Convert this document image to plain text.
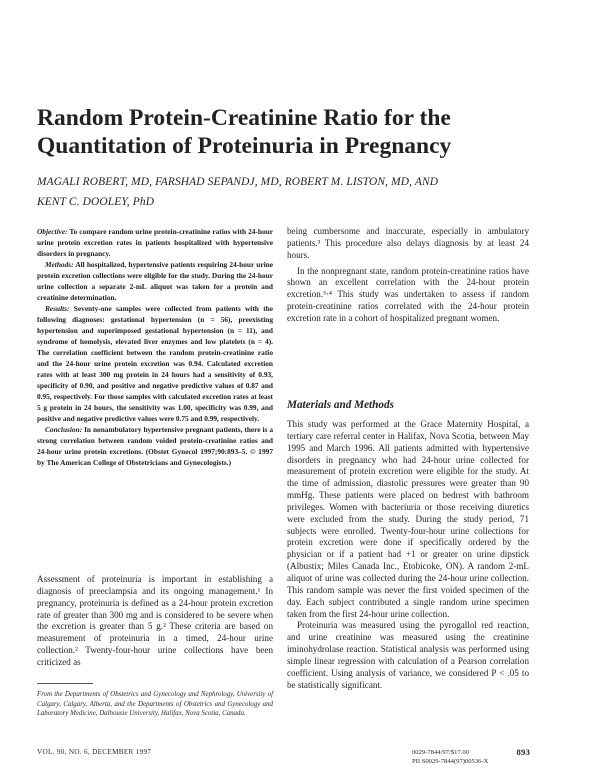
Random Protein-Creatinine Ratio for the Quantitation of Proteinuria in Pregnancy
MAGALI ROBERT, MD, FARSHAD SEPANDJ, MD, ROBERT M. LISTON, MD, AND
KENT C. DOOLEY, PhD

Objective: To compare random urine protein-creatinine ratios with 24-hour urine protein excretion rates in patients hospitalized with hypertensive disorders in pregnancy.

Methods: All hospitalized, hypertensive patients requiring 24-hour urine protein excretion collections were eligible for the study. During the 24-hour urine collection a separate 2-mL aliquot was taken for a protein and creatinine determination.

Results: Seventy-one samples were collected from patients with the following diagnoses: gestational hypertension (n = 56), preexisting hypertension and superimposed gestational hypertension (n = 11), and syndrome of hemolysis, elevated liver enzymes and low platelets (n = 4). The correlation coefficient between the random protein-creatinine ratio and the 24-hour urine protein excretion was 0.94. Calculated excretion rates with at least 300 mg protein in 24 hours had a sensitivity of 0.93, specificity of 0.90, and positive and negative predictive values of 0.87 and 0.95, respectively. For those samples with calculated excretion rates at least 5 g protein in 24 hours, the sensitivity was 1.00, specificity was 0.99, and positive and negative predictive values were 0.75 and 0.99, respectively.

Conclusion: In nonambulatory hypertensive pregnant patients, there is a strong correlation between random voided protein-creatinine ratios and 24-hour urine protein excretions. (Obstet Gynecol 1997;90:893–5. © 1997 by The American College of Obstetricians and Gynecologists.)

Assessment of proteinuria is important in establishing a diagnosis of preeclampsia and its ongoing management.¹ In pregnancy, proteinuria is defined as a 24-hour protein excretion rate of greater than 300 mg and is considered to be severe when the excretion is greater than 5 g.² These criteria are based on measurement of proteinuria in a timed, 24-hour urine collection.² Twenty-four-hour urine collections have been criticized as

being cumbersome and inaccurate, especially in ambulatory patients.³ This procedure also delays diagnosis by at least 24 hours.

In the nonpregnant state, random protein-creatinine ratios have shown an excellent correlation with the 24-hour protein excretion.³·⁴ This study was undertaken to assess if random protein-creatinine ratios correlated with the 24-hour protein excretion rate in a cohort of hospitalized pregnant women.

Materials and Methods

This study was performed at the Grace Maternity Hospital, a tertiary care referral center in Halifax, Nova Scotia, between May 1995 and March 1996. All patients admitted with hypertensive disorders in pregnancy who had 24-hour urine collected for measurement of protein excretion were eligible for the study. At the time of admission, diastolic pressures were greater than 90 mmHg. These patients were placed on bedrest with bathroom privileges. Women with bacteriuria or those receiving diuretics were excluded from the study. During the study period, 71 subjects were enrolled. Twenty-four-hour urine collections for protein excretion were done if specifically ordered by the physician or if a patient had +1 or greater on urine dipstick (Albustix; Miles Canada Inc., Etobicoke, ON). A random 2-mL aliquot of urine was collected during the 24-hour urine collection. This random sample was never the first voided specimen of the day. Each subject contributed a single random urine specimen taken from the first 24-hour urine collection.

Proteinuria was measured using the pyrogallol red reaction, and urine creatinine was measured using the creatinine iminohydrolase reaction. Statistical analysis was performed using simple linear regression with calculation of a Pearson correlation coefficient. Using analysis of variance, we considered P < .05 to be statistically significant.

From the Departments of Obstetrics and Gynecology and Nephrology, University of Calgary, Calgary, Alberta, and the Departments of Obstetrics and Gynecology and Laboratory Medicine, Dalhousie University, Halifax, Nova Scotia, Canada.

VOL. 90, NO. 6, DECEMBER 1997	0029-7844/97/$17.00	893
PII S0029-7844(97)00536-X
